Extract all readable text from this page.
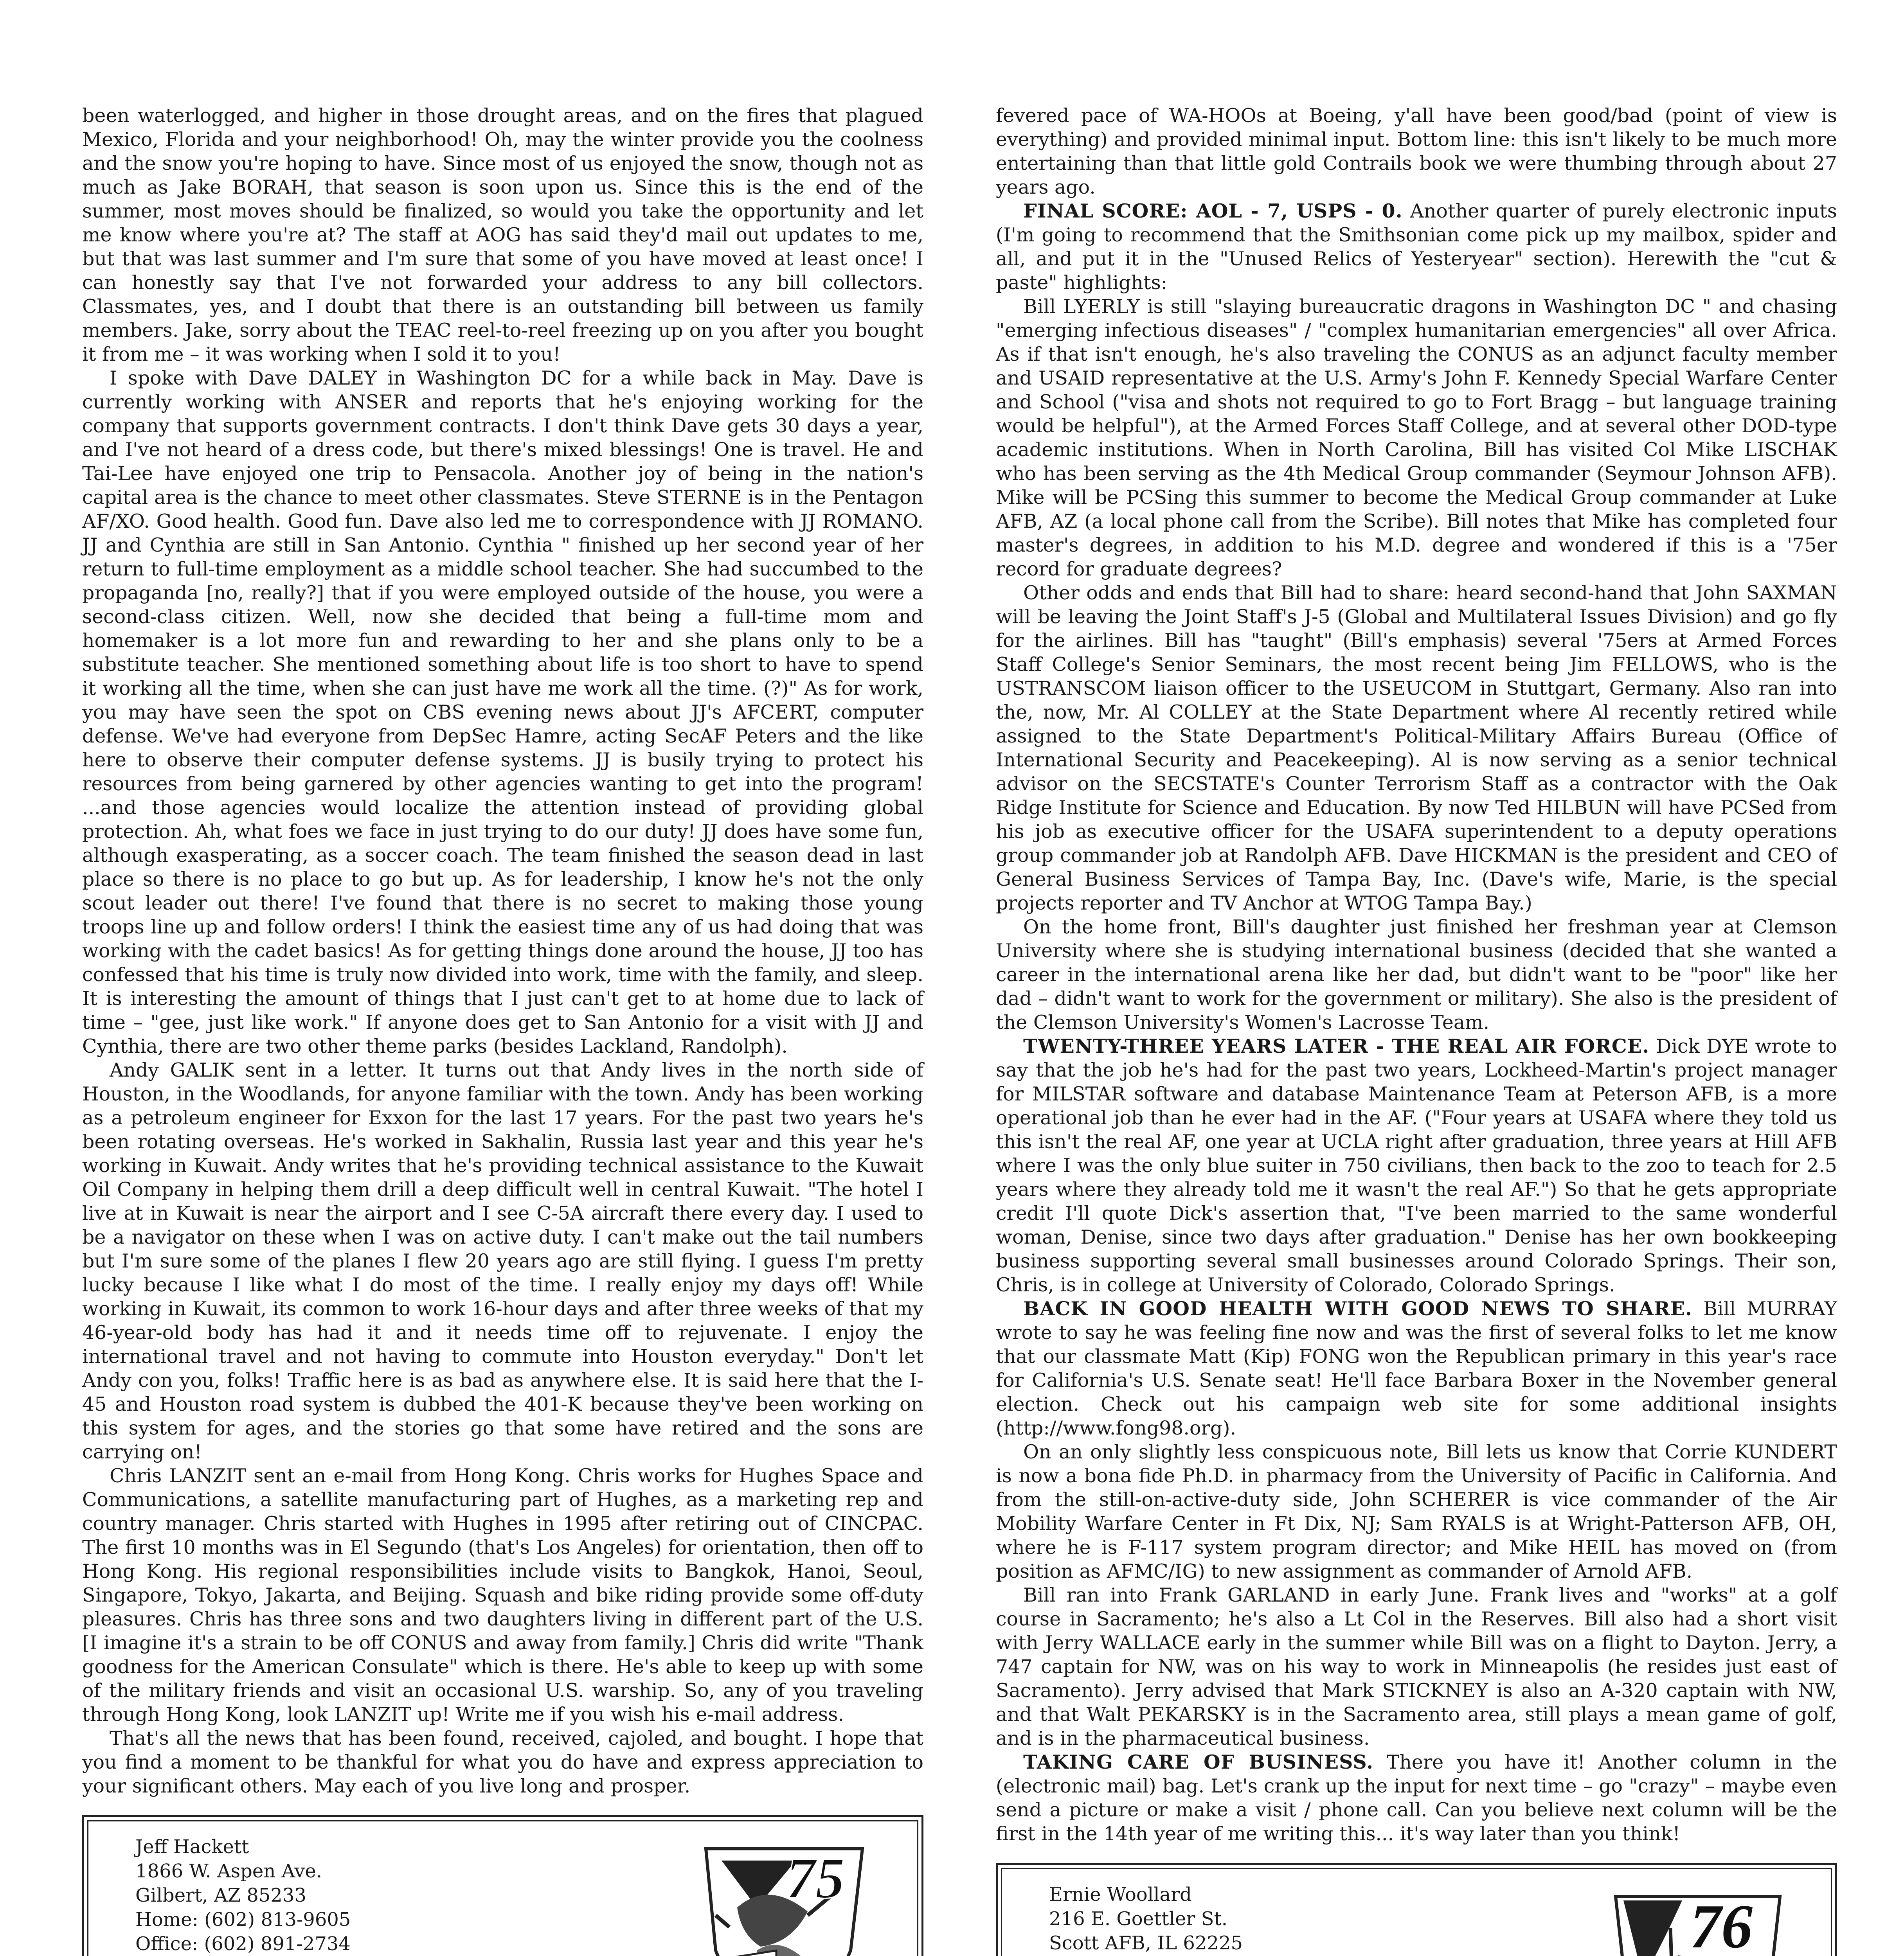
been waterlogged, and higher in those drought areas, and on the fires that plagued Mexico, Florida and your neighborhood! Oh, may the winter provide you the coolness and the snow you're hoping to have. Since most of us enjoyed the snow, though not as much as Jake BORAH, that season is soon upon us. Since this is the end of the summer, most moves should be finalized, so would you take the opportunity and let me know where you're at? The staff at AOG has said they'd mail out updates to me, but that was last summer and I'm sure that some of you have moved at least once! I can honestly say that I've not forwarded your address to any bill collectors. Classmates, yes, and I doubt that there is an outstanding bill between us family members. Jake, sorry about the TEAC reel-to-reel freezing up on you after you bought it from me – it was working when I sold it to you!

I spoke with Dave DALEY in Washington DC for a while back in May. Dave is currently working with ANSER and reports that he's enjoying working for the company that supports government contracts. I don't think Dave gets 30 days a year, and I've not heard of a dress code, but there's mixed blessings! One is travel. He and Tai-Lee have enjoyed one trip to Pensacola. Another joy of being in the nation's capital area is the chance to meet other classmates. Steve STERNE is in the Pentagon AF/XO. Good health. Good fun. Dave also led me to correspondence with JJ ROMANO. JJ and Cynthia are still in San Antonio. Cynthia " finished up her second year of her return to full-time employment as a middle school teacher. She had succumbed to the propaganda [no, really?] that if you were employed outside of the house, you were a second-class citizen. Well, now she decided that being a full-time mom and homemaker is a lot more fun and rewarding to her and she plans only to be a substitute teacher. She mentioned something about life is too short to have to spend it working all the time, when she can just have me work all the time. (?)" As for work, you may have seen the spot on CBS evening news about JJ's AFCERT, computer defense. We've had everyone from DepSec Hamre, acting SecAF Peters and the like here to observe their computer defense systems. JJ is busily trying to protect his resources from being garnered by other agencies wanting to get into the program! ...and those agencies would localize the attention instead of providing global protection. Ah, what foes we face in just trying to do our duty! JJ does have some fun, although exasperating, as a soccer coach. The team finished the season dead in last place so there is no place to go but up. As for leadership, I know he's not the only scout leader out there! I've found that there is no secret to making those young troops line up and follow orders! I think the easiest time any of us had doing that was working with the cadet basics! As for getting things done around the house, JJ too has confessed that his time is truly now divided into work, time with the family, and sleep. It is interesting the amount of things that I just can't get to at home due to lack of time – "gee, just like work." If anyone does get to San Antonio for a visit with JJ and Cynthia, there are two other theme parks (besides Lackland, Randolph).

Andy GALIK sent in a letter. It turns out that Andy lives in the north side of Houston, in the Woodlands, for anyone familiar with the town. Andy has been working as a petroleum engineer for Exxon for the last 17 years. For the past two years he's been rotating overseas. He's worked in Sakhalin, Russia last year and this year he's working in Kuwait. Andy writes that he's providing technical assistance to the Kuwait Oil Company in helping them drill a deep difficult well in central Kuwait. "The hotel I live at in Kuwait is near the airport and I see C-5A aircraft there every day. I used to be a navigator on these when I was on active duty. I can't make out the tail numbers but I'm sure some of the planes I flew 20 years ago are still flying. I guess I'm pretty lucky because I like what I do most of the time. I really enjoy my days off! While working in Kuwait, its common to work 16-hour days and after three weeks of that my 46-year-old body has had it and it needs time off to rejuvenate. I enjoy the international travel and not having to commute into Houston everyday." Don't let Andy con you, folks! Traffic here is as bad as anywhere else. It is said here that the I-45 and Houston road system is dubbed the 401-K because they've been working on this system for ages, and the stories go that some have retired and the sons are carrying on!

Chris LANZIT sent an e-mail from Hong Kong. Chris works for Hughes Space and Communications, a satellite manufacturing part of Hughes, as a marketing rep and country manager. Chris started with Hughes in 1995 after retiring out of CINCPAC. The first 10 months was in El Segundo (that's Los Angeles) for orientation, then off to Hong Kong. His regional responsibilities include visits to Bangkok, Hanoi, Seoul, Singapore, Tokyo, Jakarta, and Beijing. Squash and bike riding provide some off-duty pleasures. Chris has three sons and two daughters living in different part of the U.S. [I imagine it's a strain to be off CONUS and away from family.] Chris did write "Thank goodness for the American Consulate" which is there. He's able to keep up with some of the military friends and visit an occasional U.S. warship. So, any of you traveling through Hong Kong, look LANZIT up! Write me if you wish his e-mail address.

That's all the news that has been found, received, cajoled, and bought. I hope that you find a moment to be thankful for what you do have and express appreciation to your significant others. May each of you live long and prosper.

Jeff Hackett
1866 W. Aspen Ave.
Gilbert, AZ 85233
Home: (602) 813-9605
Office: (602) 891-2734
75

fevered pace of WA-HOOs at Boeing, y'all have been good/bad (point of view is everything) and provided minimal input. Bottom line: this isn't likely to be much more entertaining than that little gold Contrails book we were thumbing through about 27 years ago.

FINAL SCORE: AOL - 7, USPS - 0. Another quarter of purely electronic inputs (I'm going to recommend that the Smithsonian come pick up my mailbox, spider and all, and put it in the "Unused Relics of Yesteryear" section). Herewith the "cut & paste" highlights:

Bill LYERLY is still "slaying bureaucratic dragons in Washington DC " and chasing "emerging infectious diseases" / "complex humanitarian emergencies" all over Africa. As if that isn't enough, he's also traveling the CONUS as an adjunct faculty member and USAID representative at the U.S. Army's John F. Kennedy Special Warfare Center and School ("visa and shots not required to go to Fort Bragg – but language training would be helpful"), at the Armed Forces Staff College, and at several other DOD-type academic institutions. When in North Carolina, Bill has visited Col Mike LISCHAK who has been serving as the 4th Medical Group commander (Seymour Johnson AFB). Mike will be PCSing this summer to become the Medical Group commander at Luke AFB, AZ (a local phone call from the Scribe). Bill notes that Mike has completed four master's degrees, in addition to his M.D. degree and wondered if this is a '75er record for graduate degrees?

Other odds and ends that Bill had to share: heard second-hand that John SAXMAN will be leaving the Joint Staff's J-5 (Global and Multilateral Issues Division) and go fly for the airlines. Bill has "taught" (Bill's emphasis) several '75ers at Armed Forces Staff College's Senior Seminars, the most recent being Jim FELLOWS, who is the USTRANSCOM liaison officer to the USEUCOM in Stuttgart, Germany. Also ran into the, now, Mr. Al COLLEY at the State Department where Al recently retired while assigned to the State Department's Political-Military Affairs Bureau (Office of International Security and Peacekeeping). Al is now serving as a senior technical advisor on the SECSTATE's Counter Terrorism Staff as a contractor with the Oak Ridge Institute for Science and Education. By now Ted HILBUN will have PCSed from his job as executive officer for the USAFA superintendent to a deputy operations group commander job at Randolph AFB. Dave HICKMAN is the president and CEO of General Business Services of Tampa Bay, Inc. (Dave's wife, Marie, is the special projects reporter and TV Anchor at WTOG Tampa Bay.)

On the home front, Bill's daughter just finished her freshman year at Clemson University where she is studying international business (decided that she wanted a career in the international arena like her dad, but didn't want to be "poor" like her dad – didn't want to work for the government or military). She also is the president of the Clemson University's Women's Lacrosse Team.

TWENTY-THREE YEARS LATER - THE REAL AIR FORCE. Dick DYE wrote to say that the job he's had for the past two years, Lockheed-Martin's project manager for MILSTAR software and database Maintenance Team at Peterson AFB, is a more operational job than he ever had in the AF. ("Four years at USAFA where they told us this isn't the real AF, one year at UCLA right after graduation, three years at Hill AFB where I was the only blue suiter in 750 civilians, then back to the zoo to teach for 2.5 years where they already told me it wasn't the real AF.") So that he gets appropriate credit I'll quote Dick's assertion that, "I've been married to the same wonderful woman, Denise, since two days after graduation." Denise has her own bookkeeping business supporting several small businesses around Colorado Springs. Their son, Chris, is in college at University of Colorado, Colorado Springs.

BACK IN GOOD HEALTH WITH GOOD NEWS TO SHARE. Bill MURRAY wrote to say he was feeling fine now and was the first of several folks to let me know that our classmate Matt (Kip) FONG won the Republican primary in this year's race for California's U.S. Senate seat! He'll face Barbara Boxer in the November general election. Check out his campaign web site for some additional insights (http://www.fong98.org).

On an only slightly less conspicuous note, Bill lets us know that Corrie KUNDERT is now a bona fide Ph.D. in pharmacy from the University of Pacific in California. And from the still-on-active-duty side, John SCHERER is vice commander of the Air Mobility Warfare Center in Ft Dix, NJ; Sam RYALS is at Wright-Patterson AFB, OH, where he is F-117 system program director; and Mike HEIL has moved on (from position as AFMC/IG) to new assignment as commander of Arnold AFB.

Bill ran into Frank GARLAND in early June. Frank lives and "works" at a golf course in Sacramento; he's also a Lt Col in the Reserves. Bill also had a short visit with Jerry WALLACE early in the summer while Bill was on a flight to Dayton. Jerry, a 747 captain for NW, was on his way to work in Minneapolis (he resides just east of Sacramento). Jerry advised that Mark STICKNEY is also an A-320 captain with NW, and that Walt PEKARSKY is in the Sacramento area, still plays a mean game of golf, and is in the pharmaceutical business.

TAKING CARE OF BUSINESS. There you have it! Another column in the (electronic mail) bag. Let's crank up the input for next time – go "crazy" – maybe even send a picture or make a visit / phone call. Can you believe next column will be the first in the 14th year of me writing this... it's way later than you think!

Ernie Woollard
216 E. Goettler St.
Scott AFB, IL 62225	76
